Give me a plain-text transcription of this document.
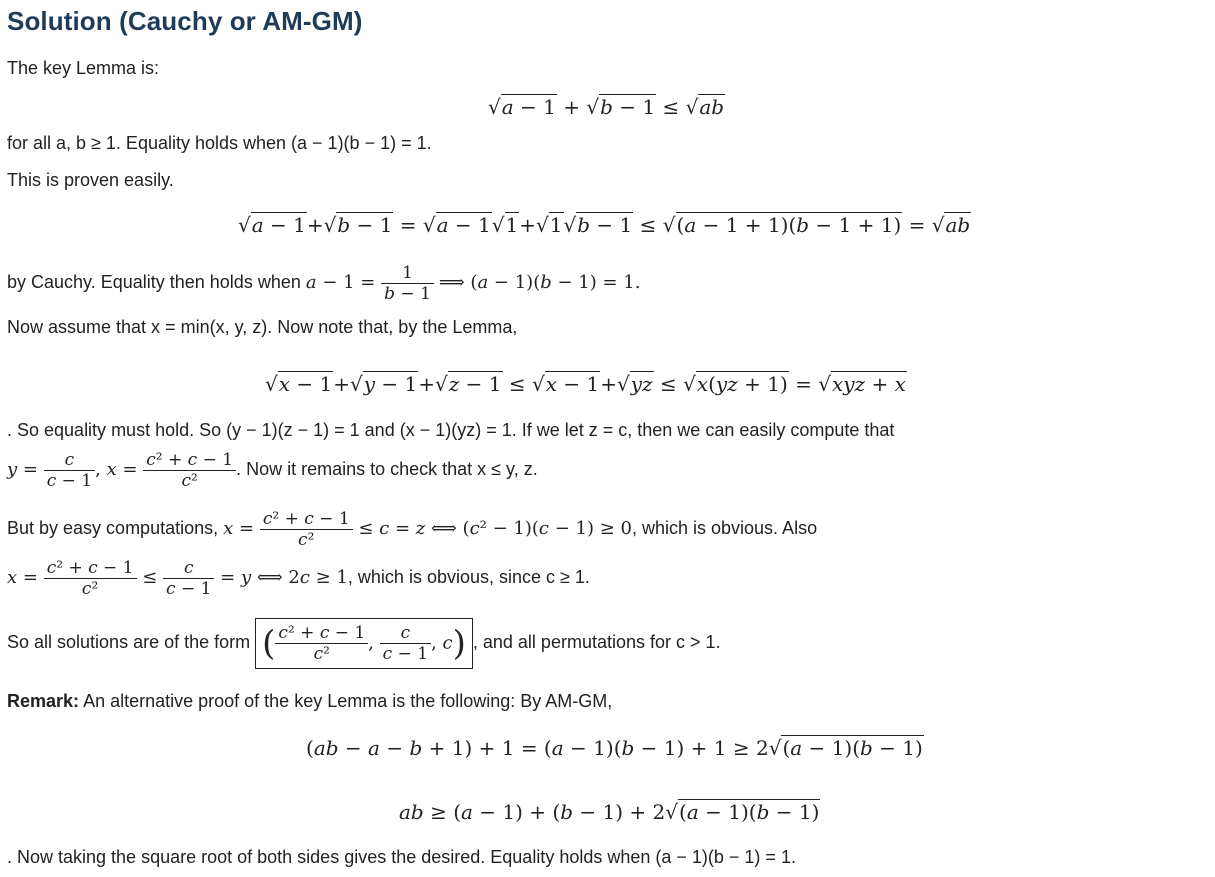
Solution (Cauchy or AM-GM)
The key Lemma is:
√a − 1 + √b − 1 ≤ √ab
for all a, b ≥ 1. Equality holds when (a − 1)(b − 1) = 1.
This is proven easily.
√a − 1+√b − 1 = √a − 1√1+√1√b − 1 ≤ √(a − 1 + 1)(b − 1 + 1) = √ab
by Cauchy. Equality then holds when $a - 1 = \frac{1}{b - 1}$ ⟹ (a − 1)(b − 1) = 1.
Now assume that x = min(x, y, z). Now note that, by the Lemma,
√x − 1+√y − 1+√z − 1 ≤ √x − 1+√yz ≤ √x(yz + 1) = √xyz + x
. So equality must hold. So (y − 1)(z − 1) = 1 and (x − 1)(yz) = 1. If we let z = c, then we can easily compute that
$y = \frac{c}{c - 1}$ , $x = \frac{\text{c² + c − 1}}{\text{c²}}$ . Now it remains to check that x ≤ y, z.
But by easy computations, $x = \frac{\text{c² + c − 1}}{\text{c²}} \le c = z$ ⟺ (c² − 1)(c − 1) ≥ 0, which is obvious. Also
$x = \frac{\text{c² + c − 1}}{\text{c²}} \le \frac{c}{c - 1} = y$ ⟺ 2c ≥ 1, which is obvious, since c ≥ 1.
So all solutions are of the form ( $\frac{\text{c² + c − 1}}{\text{c²}}$ , $\frac{c}{c - 1}$ , c) , and all permutations for c > 1.
Remark: An alternative proof of the key Lemma is the following: By AM-GM,
(ab − a − b + 1) + 1 = (a − 1)(b − 1) + 1 ≥ 2√(a − 1)(b − 1)
ab ≥ (a − 1) + (b − 1) + 2√(a − 1)(b − 1)
. Now taking the square root of both sides gives the desired. Equality holds when (a − 1)(b − 1) = 1.
